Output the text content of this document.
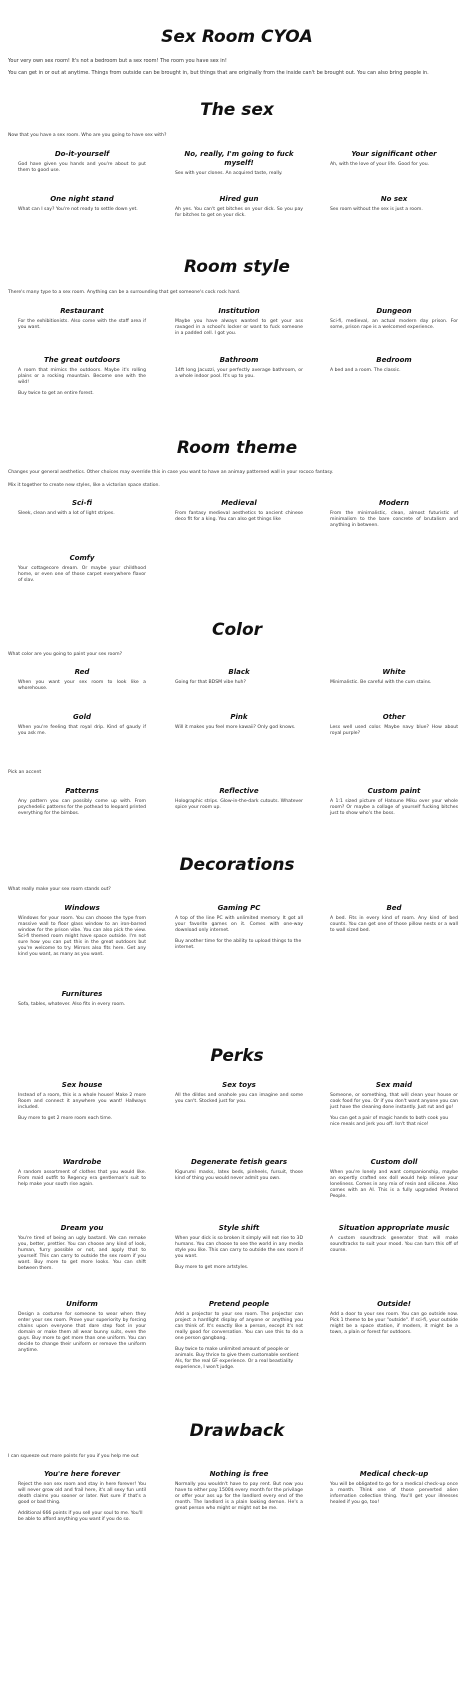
Sex Room CYOA

Your very own sex room! It's not a bedroom but a sex room! The room you have sex in!

You can get in or out at anytime. Things from outside can be brought in, but things that are originally from the inside can't be brought out. You can also bring people in.

The sex

Now that you have a sex room. Who are you going to have sex with?

Do-it-yourself

God have given you hands and you're about to put them to good use.

No, really, I'm going to fuck myself!

Sex with your clones. An acquired taste, really.

Your significant other

Ah, with the love of your life. Good for you.

One night stand

What can I say? You're not ready to settle down yet.

Hired gun

Ah yes. You can't get bitches on your dick. So you pay for bitches to get on your dick.

No sex

Sex room without the sex is just a room.

Room style

There's many type to a sex room. Anything can be a surrounding that get someone's cock rock hard.

Restaurant

For the exhibitionists. Also come with the staff area if you want.

Institution

Maybe you have always wanted to get your ass ravaged in a school's locker or want to fuck someone in a padded cell. I got you.

Dungeon

Sci-fi, medieval, an actual modern day prison. For some, prison rape is a welcomed experience.

The great outdoors

A room that mimics the outdoors. Maybe it's rolling plains or a rocking mountain. Become one with the wild!

Buy twice to get an entire forest.

Bathroom

14ft long Jacuzzi, your perfectly average bathroom, or a whole indoor pool. It's up to you.

Bedroom

A bed and a room. The classic.

Room theme

Changes your general aesthetics. Other choices may override this in case you want to have an animay patterned wall in your rococo fantasy.

Mix it together to create new styles, like a victorian space station.

Sci-fi

Sleek, clean and with a lot of light stripes.

Medieval

From fantasy medieval aesthetics to ancient chinese deco fit for a king. You can also get things like

Modern

From the minimalistic, clean, almost futuristic of minimalism to the bare concrete of brutalism and anything in between.

Comfy

Your cottagecore dream. Or maybe your childhood home, or even one of those carpet everywhere flavor of slav.

Color

What color are you going to paint your sex room?

Red

When you want your sex room to look like a whorehouse.

Black

Going for that BDSM vibe huh?

White

Minimalistic. Be careful with the cum stains.

Gold

When you're feeling that royal drip. Kind of gaudy if you ask me.

Pink

Will it makes you feel more kawaii? Only god knows.

Other

Less well used color. Maybe navy blue? How about royal purple?

Pick an accent

Patterns

Any pattern you can possibly come up with. From psychedelic patterns for the pothead to leopard printed everything for the bimbos.

Reflective

Holographic strips. Glow-in-the-dark cutouts. Whatever spice your room up.

Custom paint

A 1:1 sized picture of Hatsune Miku over your whole room? Or maybe a collage of yourself fucking bitches just to show who's the boss.

Decorations

What really make your sex room stands out?

Windows

Windows for your room. You can choose the type from massive wall to floor glass window to an iron-barred window for the prison vibe. You can also pick the view. Sci-fi themed room might have space outside. I'm not sure how you can put this in the great outdoors but you're welcome to try. Mirrors also fits here. Get any kind you want, as many as you want.

Gaming PC

A top of the line PC with unlimited memory. It got all your favorite games on it. Comes with one-way download only internet.

Buy another time for the ability to upload things to the internet.

Bed

A bed. Fits in every kind of room. Any kind of bed counts. You can get one of those pillow nests or a wall to wall sized bed.

Furnitures

Sofa, tables, whatever. Also fits in every room.

Perks
Sex house

Instead of a room, this is a whole house! Make 2 more Room and connect it anywhere you want! Hallways included.

Buy more to get 2 more room each time.

Sex toys

All the dildos and onahole you can imagine and some you can't. Stocked just for you.

Sex maid

Someone, or something, that will clean your house or cook food for you. Or if you don't want anyone you can just have the cleaning done instantly. Just rut and go!

You can get a pair of magic hands to both cook you nice meals and jerk you off. Isn't that nice!

Wardrobe

A random assortment of clothes that you would like. From maid outfit to Regency era gentleman's suit to help make your south rise again.

Degenerate fetish gears

Kigurumi masks, latex beds, pinheels, fursuit, those kind of thing you would never admit you own.

Custom doll

When you're lonely and want companionship, maybe an expertly crafted sex doll would help relieve your loneliness. Comes in any mix of resin and silicone. Also comes with an AI. This is a fully upgraded Pretend People.

Dream you

You're tired of being an ugly bastard. We can remake you, better, prettier. You can choose any kind of look, human, furry possible or not, and apply that to yourself. This can carry to outside the sex room if you want. Buy more to get more looks. You can shift between them.

Style shift

When your dick is so broken it simply will not rise to 3D humans. You can choose to see the world in any media style you like. This can carry to outside the sex room if you want.

Buy more to get more artstyles.

Situation appropriate music

A custom soundtrack generator that will make soundtracks to suit your mood. You can turn this off of course.

Uniform

Design a costume for someone to wear when they enter your sex room. Prove your superiority by forcing chains upon everyone that dare step foot in your domain or make them all wear bunny suits, even the guys. Buy more to get more than one uniform. You can decide to change their uniform or remove the uniform anytime.

Pretend people

Add a projector to your sex room. The projector can project a hardlight display of anyone or anything you can think of. It's exactly like a person, except it's not really good for conversation. You can use this to do a one person gangbang.

Buy twice to make unlimited amount of people or animals. Buy thrice to give them customable sentient AIs, for the real GF experience. Or a real beastiality experience, I won't judge.

Outside!

Add a door to your sex room. You can go outside now. Pick 1 theme to be your "outside". If sci-fi, your outside might be a space station, if modern, it might be a town, a plain or forest for outdoors.

Drawback

I can squeeze out more points for you if you help me out

You're here forever

Reject the non sex room and stay in here forever! You will never grow old and frail here, it's all sexy fun until death claims you sooner or later. Not sure if that's a good or bad thing.

Additional 666 points if you sell your soul to me. You'll be able to afford anything you want if you do so.

Nothing is free

Normally you wouldn't have to pay rent. But now you have to either pay 1500$ every month for the privilage or offer your ass up for the landlord every end of the month. The landlord is a plain looking demon. He's a great person who might or might not be me.

Medical check-up

You will be obligated to go for a medical check-up once a month. Think one of those perverted alien information collection thing. You'll get your illnesses healed if you go, too!
